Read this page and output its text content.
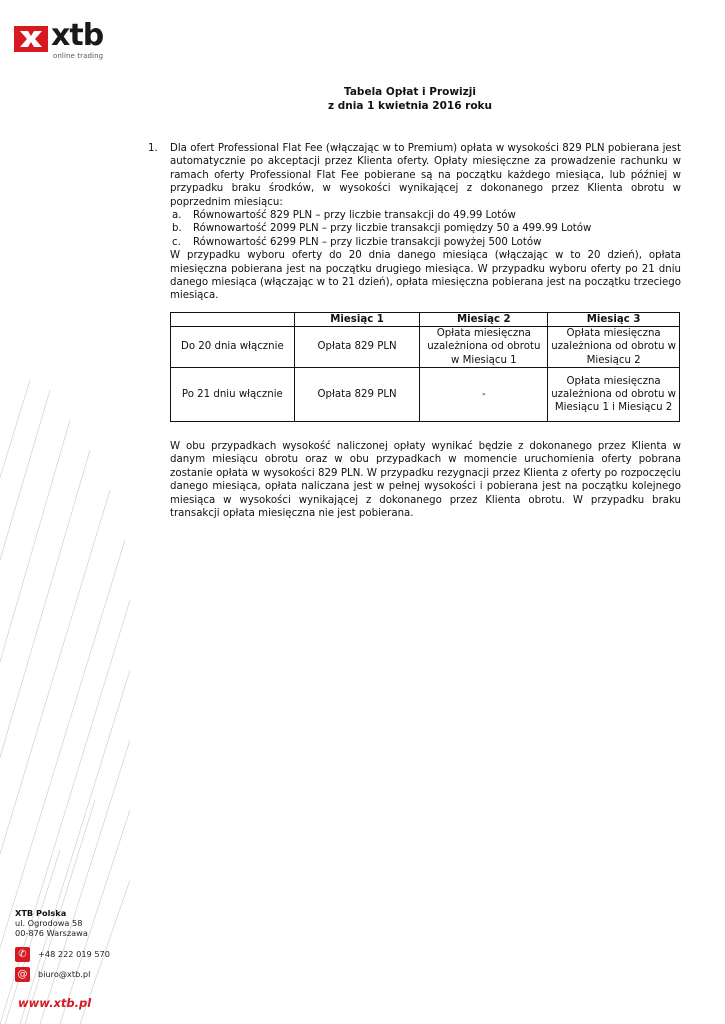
xtb
online trading
Tabela Opłat i Prowizji
z dnia 1 kwietnia 2016 roku
1. Dla ofert Professional Flat Fee (włączając w to Premium) opłata w wysokości 829 PLN pobierana jest automatycznie po akceptacji przez Klienta oferty. Opłaty miesięczne za prowadzenie rachunku w ramach oferty Professional Flat Fee pobierane są na początku każdego miesiąca, lub później w przypadku braku środków, w wysokości wynikającej z dokonanego przez Klienta obrotu w poprzednim miesiącu:

a. Równowartość 829 PLN – przy liczbie transakcji do 49.99 Lotów
b. Równowartość 2099 PLN – przy liczbie transakcji pomiędzy 50 a 499.99 Lotów
c. Równowartość 6299 PLN – przy liczbie transakcji powyżej 500 Lotów

W przypadku wyboru oferty do 20 dnia danego miesiąca (włączając w to 20 dzień), opłata miesięczna pobierana jest na początku drugiego miesiąca. W przypadku wyboru oferty po 21 dniu danego miesiąca (włączając w to 21 dzień), opłata miesięczna pobierana jest na początku trzeciego miesiąca.

	Miesiąc 1	Miesiąc 2	Miesiąc 3
Do 20 dnia włącznie	Opłata 829 PLN	Opłata miesięczna uzależniona od obrotu w Miesiącu 1	Opłata miesięczna uzależniona od obrotu w Miesiącu 2
Po 21 dniu włącznie	Opłata 829 PLN	-	Opłata miesięczna uzależniona od obrotu w Miesiącu 1 i Miesiącu 2

W obu przypadkach wysokość naliczonej opłaty wynikać będzie z dokonanego przez Klienta w danym miesiącu obrotu oraz w obu przypadkach w momencie uruchomienia oferty pobrana zostanie opłata w wysokości 829 PLN. W przypadku rezygnacji przez Klienta z oferty po rozpoczęciu danego miesiąca, opłata naliczana jest w pełnej wysokości i pobierana jest na początku kolejnego miesiąca w wysokości wynikającej z dokonanego przez Klienta obrotu. W przypadku braku transakcji opłata miesięczna nie jest pobierana.

XTB Polska
ul. Ogrodowa 58
00-876 Warszawa
✆	+48 222 019 570
@	biuro@xtb.pl
www.xtb.pl
